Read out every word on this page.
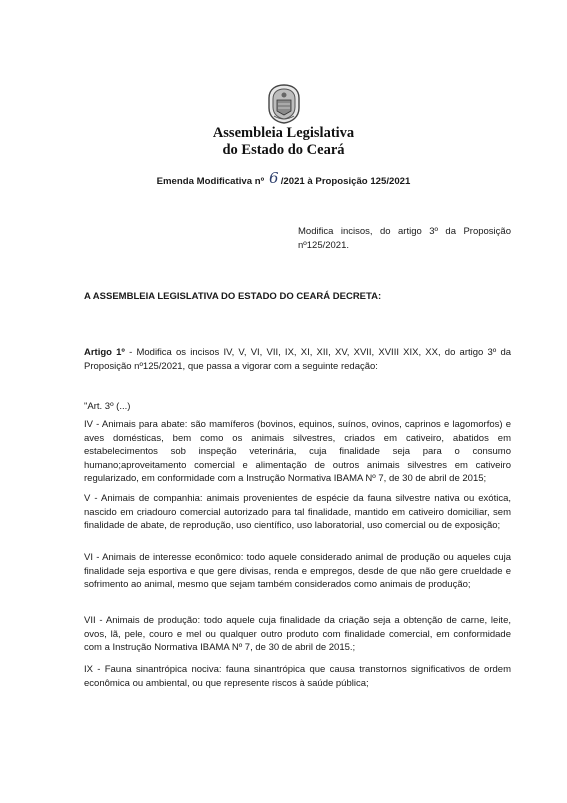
Assembleia Legislativa
do Estado do Ceará
Emenda Modificativa nº 6 /2021 à Proposição 125/2021
Modifica incisos, do artigo 3º da Proposição nº125/2021.
A ASSEMBLEIA LEGISLATIVA DO ESTADO DO CEARÁ DECRETA:

Artigo 1º - Modifica os incisos IV, V, VI, VII, IX, XI, XII, XV, XVII, XVIII XIX, XX, do artigo 3º da Proposição nº125/2021, que passa a vigorar com a seguinte redação:

"Art. 3º (...)

IV - Animais para abate: são mamíferos (bovinos, equinos, suínos, ovinos, caprinos e lagomorfos) e aves domésticas, bem como os animais silvestres, criados em cativeiro, abatidos em estabelecimentos sob inspeção veterinária, cuja finalidade seja para o consumo humano;aproveitamento comercial e alimentação de outros animais silvestres em cativeiro regularizado, em conformidade com a Instrução Normativa IBAMA Nº 7, de 30 de abril de 2015;

V - Animais de companhia: animais provenientes de espécie da fauna silvestre nativa ou exótica, nascido em criadouro comercial autorizado para tal finalidade, mantido em cativeiro domiciliar, sem finalidade de abate, de reprodução, uso científico, uso laboratorial, uso comercial ou de exposição;

VI - Animais de interesse econômico: todo aquele considerado animal de produção ou aqueles cuja finalidade seja esportiva e que gere divisas, renda e empregos, desde de que não gere crueldade e sofrimento ao animal, mesmo que sejam também considerados como animais de produção;

VII - Animais de produção: todo aquele cuja finalidade da criação seja a obtenção de carne, leite, ovos, lã, pele, couro e mel ou qualquer outro produto com finalidade comercial, em conformidade com a Instrução Normativa IBAMA Nº 7, de 30 de abril de 2015.;

IX - Fauna sinantrópica nociva: fauna sinantrópica que causa transtornos significativos de ordem econômica ou ambiental, ou que represente riscos à saúde pública;
